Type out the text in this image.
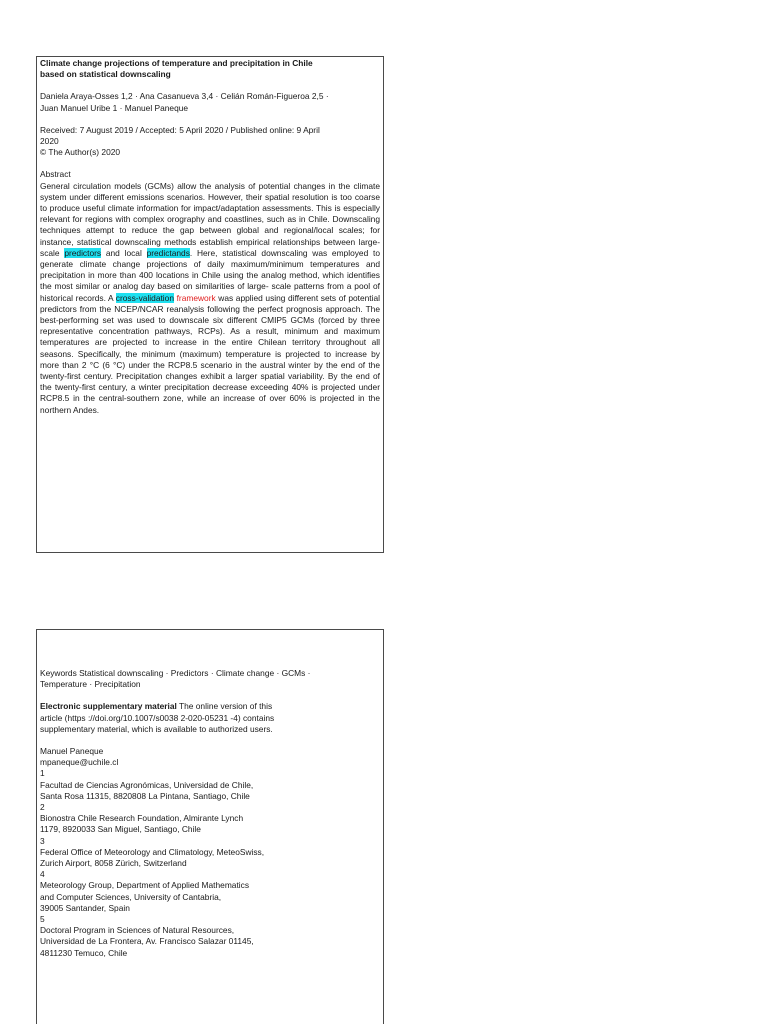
Climate change projections of temperature and precipitation in Chile
based on statistical downscaling

Daniela Araya‑Osses 1,2 · Ana Casanueva 3,4 · Celián Román‑Figueroa 2,5 ·
Juan Manuel Uribe 1 · Manuel Paneque

Received: 7 August 2019 / Accepted: 5 April 2020 / Published online: 9 April
2020
© The Author(s) 2020

Abstract

General circulation models (GCMs) allow the analysis of potential changes in the climate system under different emissions scenarios. However, their spatial resolution is too coarse to produce useful climate information for impact/adaptation assessments. This is especially relevant for regions with complex orography and coastlines, such as in Chile. Downscaling techniques attempt to reduce the gap between global and regional/local scales; for instance, statistical downscaling methods establish empirical relationships between large-scale predictors and local predictands. Here, statistical downscaling was employed to generate climate change projections of daily maximum/minimum temperatures and precipitation in more than 400 locations in Chile using the analog method, which identifies the most similar or analog day based on similarities of large- scale patterns from a pool of historical records. A cross-validation framework was applied using different sets of potential predictors from the NCEP/NCAR reanalysis following the perfect prognosis approach. The best-performing set was used to downscale six different CMIP5 GCMs (forced by three representative concentration pathways, RCPs). As a result, minimum and maximum temperatures are projected to increase in the entire Chilean territory throughout all seasons. Specifically, the minimum (maximum) temperature is projected to increase by more than 2 °C (6 °C) under the RCP8.5 scenario in the austral winter by the end of the twenty-first century. Precipitation changes exhibit a larger spatial variability. By the end of the twenty-first century, a winter precipitation decrease exceeding 40% is projected under RCP8.5 in the central-southern zone, while an increase of over 60% is projected in the northern Andes.

Keywords Statistical downscaling · Predictors · Climate change · GCMs ·
Temperature · Precipitation

Electronic supplementary material The online version of this
article (https ://doi.org/10.1007/s0038 2-020-05231 -4) contains
supplementary material, which is available to authorized users.

Manuel Paneque
mpaneque@uchile.cl

1
Facultad de Ciencias Agronómicas, Universidad de Chile,
Santa Rosa 11315, 8820808 La Pintana, Santiago, Chile
2
Bionostra Chile Research Foundation, Almirante Lynch
1179, 8920033 San Miguel, Santiago, Chile
3
Federal Office of Meteorology and Climatology, MeteoSwiss,
Zurich Airport, 8058 Zürich, Switzerland
4
Meteorology Group, Department of Applied Mathematics
and Computer Sciences, University of Cantabria,
39005 Santander, Spain
5
Doctoral Program in Sciences of Natural Resources,
Universidad de La Frontera, Av. Francisco Salazar 01145,
4811230 Temuco, Chile
